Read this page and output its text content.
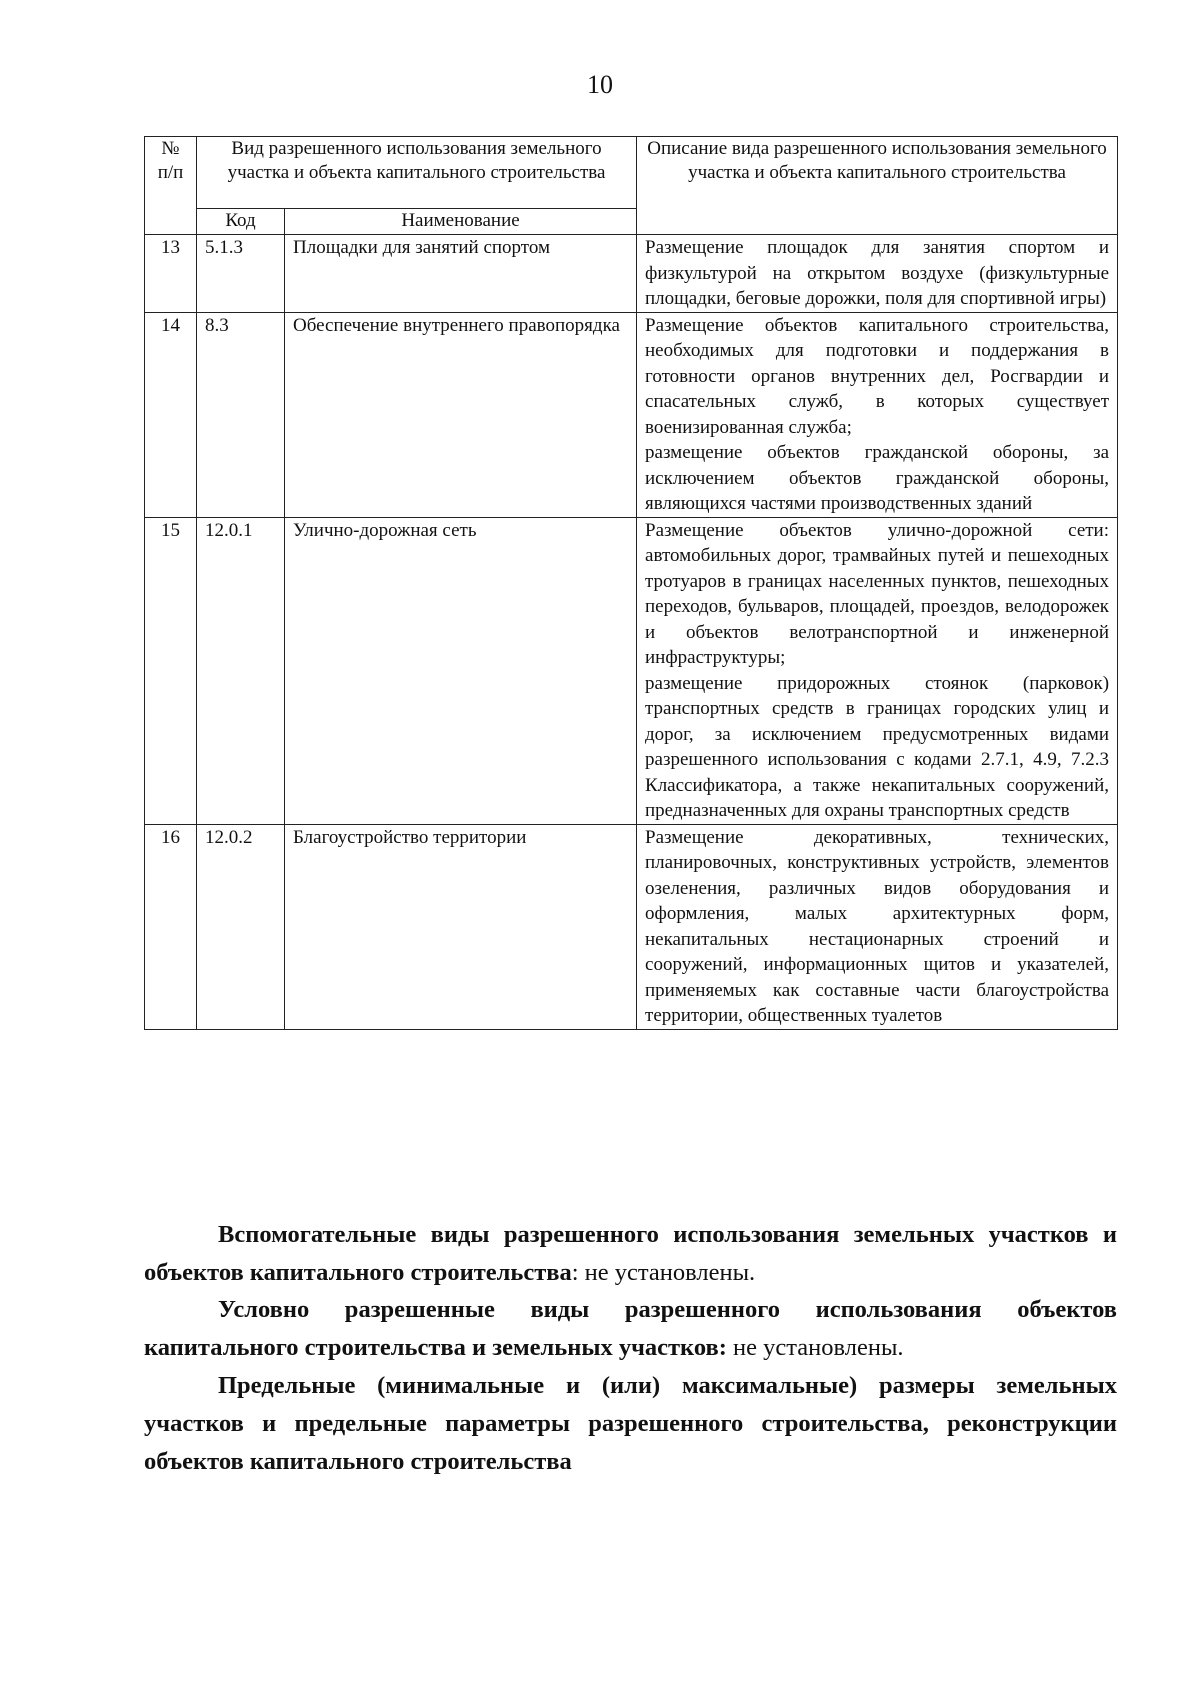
10
№ п/п	Вид разрешенного использования земельного участка и объекта капитального строительства		Описание вида разрешенного использования земельного участка и объекта капитального строительства
	Код	Наименование	
13	5.1.3	Площадки для занятий спортом	Размещение площадок для занятия спортом и физкультурой на открытом воздухе (физкультурные площадки, беговые дорожки, поля для спортивной игры)

14	8.3	Обеспечение внутреннего правопорядка	Размещение объектов капитального строительства, необходимых для подготовки и поддержания в готовности органов внутренних дел, Росгвардии и спасательных служб, в которых существует военизированная служба;
размещение объектов гражданской обороны, за исключением объектов гражданской обороны, являющихся частями производственных зданий

15	12.0.1	Улично-дорожная сеть	Размещение объектов улично-дорожной сети: автомобильных дорог, трамвайных путей и пешеходных тротуаров в границах населенных пунктов, пешеходных переходов, бульваров, площадей, проездов, велодорожек и объектов велотранспортной и инженерной инфраструктуры;
размещение придорожных стоянок (парковок) транспортных средств в границах городских улиц и дорог, за исключением предусмотренных видами разрешенного использования с кодами 2.7.1, 4.9, 7.2.3 Классификатора, а также некапитальных сооружений, предназначенных для охраны транспортных средств

16	12.0.2	Благоустройство территории	Размещение декоративных, технических, планировочных, конструктивных устройств, элементов озеленения, различных видов оборудования и оформления, малых архитектурных форм, некапитальных нестационарных строений и сооружений, информационных щитов и указателей, применяемых как составные части благоустройства территории, общественных туалетов
Вспомогательные виды разрешенного использования земельных участков и объектов капитального строительства: не установлены.
Условно разрешенные виды разрешенного использования объектов капитального строительства и земельных участков: не установлены.
Предельные (минимальные и (или) максимальные) размеры земельных участков и предельные параметры разрешенного строительства, реконструкции объектов капитального строительства
